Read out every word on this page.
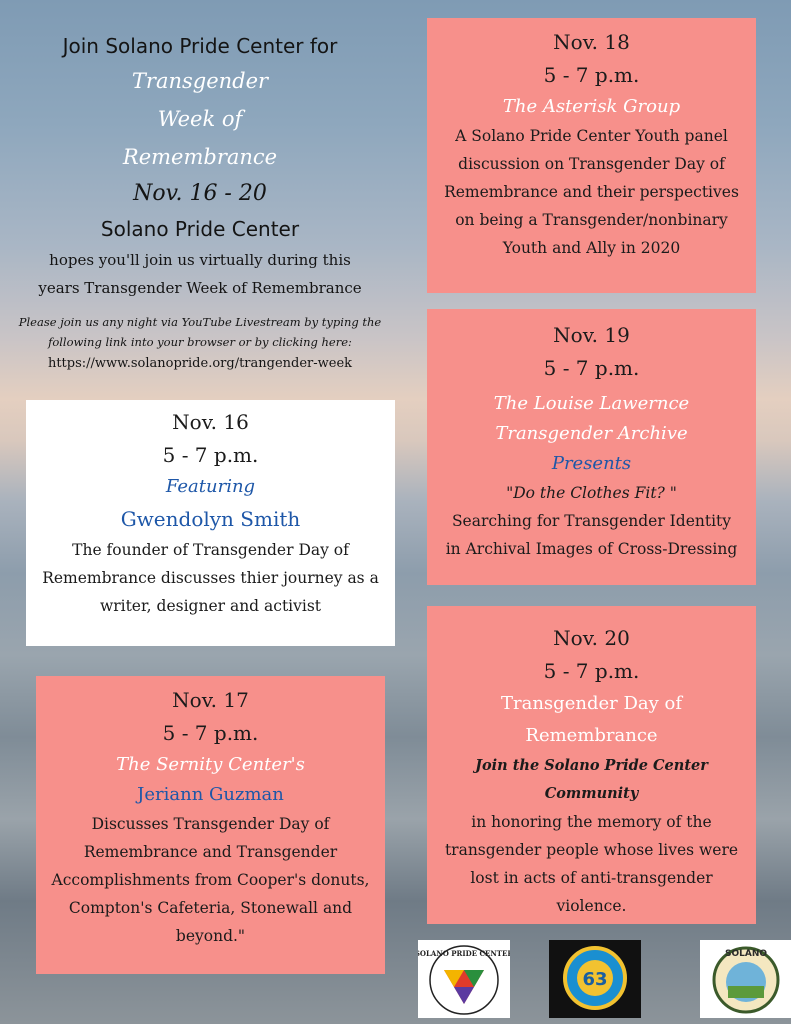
Join Solano Pride Center for
Transgender
Week of
Remembrance
Nov. 16 - 20
Solano Pride Center
hopes you'll join us virtually during this
years Transgender Week of Remembrance
Please join us any night via YouTube Livestream by typing the
following link into your browser or by clicking here:
https://www.solanopride.org/trangender-week
Nov. 16
5 - 7 p.m.
Featuring
Gwendolyn Smith
The founder of Transgender Day of
Remembrance discusses thier journey as a
writer, designer and activist
Nov. 17
5 - 7 p.m.
The Sernity Center's
Jeriann Guzman
Discusses Transgender Day of
Remembrance and Transgender
Accomplishments from Cooper's donuts,
Compton's Cafeteria, Stonewall and
beyond."
Nov. 18
5 - 7 p.m.
The Asterisk Group
A Solano Pride Center Youth panel
discussion on Transgender Day of
Remembrance and their perspectives
on being a Transgender/nonbinary
Youth and Ally in 2020
Nov. 19
5 - 7 p.m.
The Louise Lawernce
Transgender Archive
Presents
"Do the Clothes Fit? "
Searching for Transgender Identity
in Archival Images of Cross-Dressing
Nov. 20
5 - 7 p.m.
Transgender Day of
Remembrance
Join the Solano Pride Center
Community
in honoring the memory of the
transgender people whose lives were
lost in acts of anti-transgender
violence.
SOLANO PRIDE CENTER
63
SOLANO
